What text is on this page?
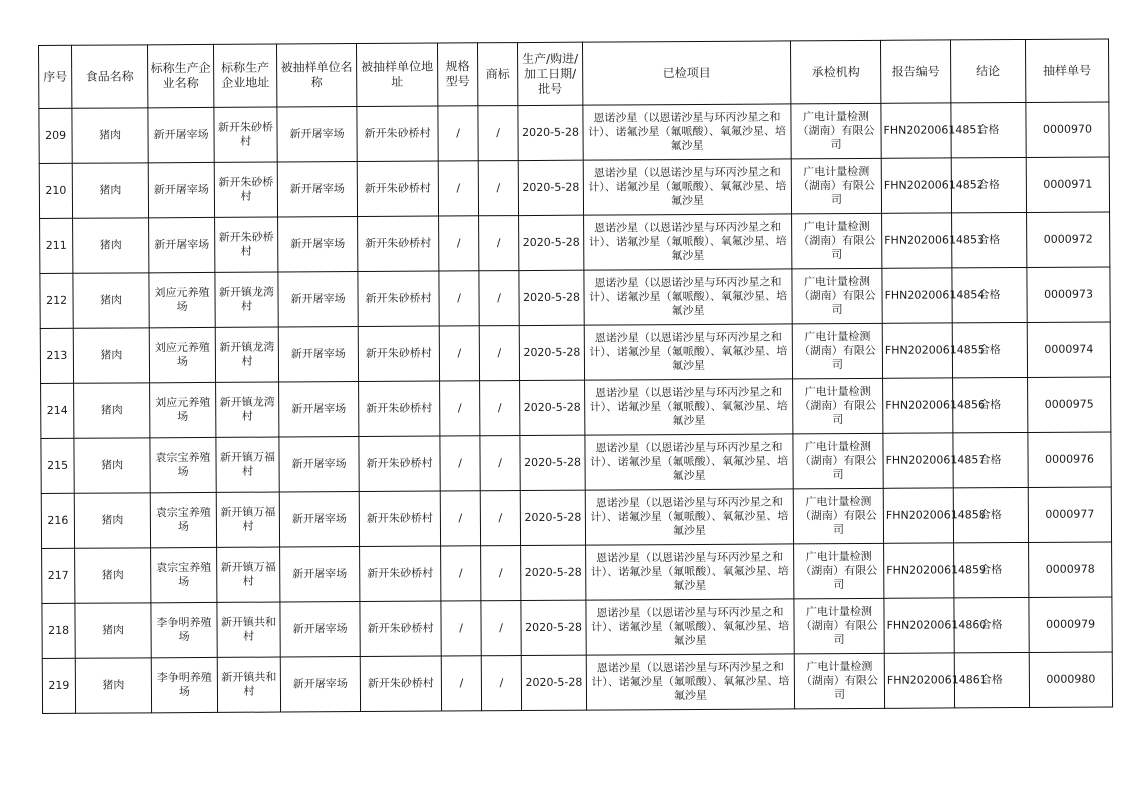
序号	食品名称	标称生产企业名称	标称生产企业地址	被抽样单位名称	被抽样单位地址	规格型号	商标	生产/购进/加工日期/批号	已检项目	承检机构	报告编号	结论	抽样单号
209	猪肉	新开屠宰场	新开朱砂桥村	新开屠宰场	新开朱砂桥村	/	/	2020-5-28	恩诺沙星（以恩诺沙星与环丙沙星之和计）、诺氟沙星（氟哌酸）、氧氟沙星、培氟沙星	广电计量检测（湖南）有限公司	FHN20200614851	合格	0000970
210	猪肉	新开屠宰场	新开朱砂桥村	新开屠宰场	新开朱砂桥村	/	/	2020-5-28	恩诺沙星（以恩诺沙星与环丙沙星之和计）、诺氟沙星（氟哌酸）、氧氟沙星、培氟沙星	广电计量检测（湖南）有限公司	FHN20200614852	合格	0000971
211	猪肉	新开屠宰场	新开朱砂桥村	新开屠宰场	新开朱砂桥村	/	/	2020-5-28	恩诺沙星（以恩诺沙星与环丙沙星之和计）、诺氟沙星（氟哌酸）、氧氟沙星、培氟沙星	广电计量检测（湖南）有限公司	FHN20200614853	合格	0000972
212	猪肉	刘应元养殖场	新开镇龙湾村	新开屠宰场	新开朱砂桥村	/	/	2020-5-28	恩诺沙星（以恩诺沙星与环丙沙星之和计）、诺氟沙星（氟哌酸）、氧氟沙星、培氟沙星	广电计量检测（湖南）有限公司	FHN20200614854	合格	0000973
213	猪肉	刘应元养殖场	新开镇龙湾村	新开屠宰场	新开朱砂桥村	/	/	2020-5-28	恩诺沙星（以恩诺沙星与环丙沙星之和计）、诺氟沙星（氟哌酸）、氧氟沙星、培氟沙星	广电计量检测（湖南）有限公司	FHN20200614855	合格	0000974
214	猪肉	刘应元养殖场	新开镇龙湾村	新开屠宰场	新开朱砂桥村	/	/	2020-5-28	恩诺沙星（以恩诺沙星与环丙沙星之和计）、诺氟沙星（氟哌酸）、氧氟沙星、培氟沙星	广电计量检测（湖南）有限公司	FHN20200614856	合格	0000975
215	猪肉	袁宗宝养殖场	新开镇万福村	新开屠宰场	新开朱砂桥村	/	/	2020-5-28	恩诺沙星（以恩诺沙星与环丙沙星之和计）、诺氟沙星（氟哌酸）、氧氟沙星、培氟沙星	广电计量检测（湖南）有限公司	FHN20200614857	合格	0000976
216	猪肉	袁宗宝养殖场	新开镇万福村	新开屠宰场	新开朱砂桥村	/	/	2020-5-28	恩诺沙星（以恩诺沙星与环丙沙星之和计）、诺氟沙星（氟哌酸）、氧氟沙星、培氟沙星	广电计量检测（湖南）有限公司	FHN20200614858	合格	0000977
217	猪肉	袁宗宝养殖场	新开镇万福村	新开屠宰场	新开朱砂桥村	/	/	2020-5-28	恩诺沙星（以恩诺沙星与环丙沙星之和计）、诺氟沙星（氟哌酸）、氧氟沙星、培氟沙星	广电计量检测（湖南）有限公司	FHN20200614859	合格	0000978
218	猪肉	李争明养殖场	新开镇共和村	新开屠宰场	新开朱砂桥村	/	/	2020-5-28	恩诺沙星（以恩诺沙星与环丙沙星之和计）、诺氟沙星（氟哌酸）、氧氟沙星、培氟沙星	广电计量检测（湖南）有限公司	FHN20200614860	合格	0000979
219	猪肉	李争明养殖场	新开镇共和村	新开屠宰场	新开朱砂桥村	/	/	2020-5-28	恩诺沙星（以恩诺沙星与环丙沙星之和计）、诺氟沙星（氟哌酸）、氧氟沙星、培氟沙星	广电计量检测（湖南）有限公司	FHN20200614861	合格	0000980
